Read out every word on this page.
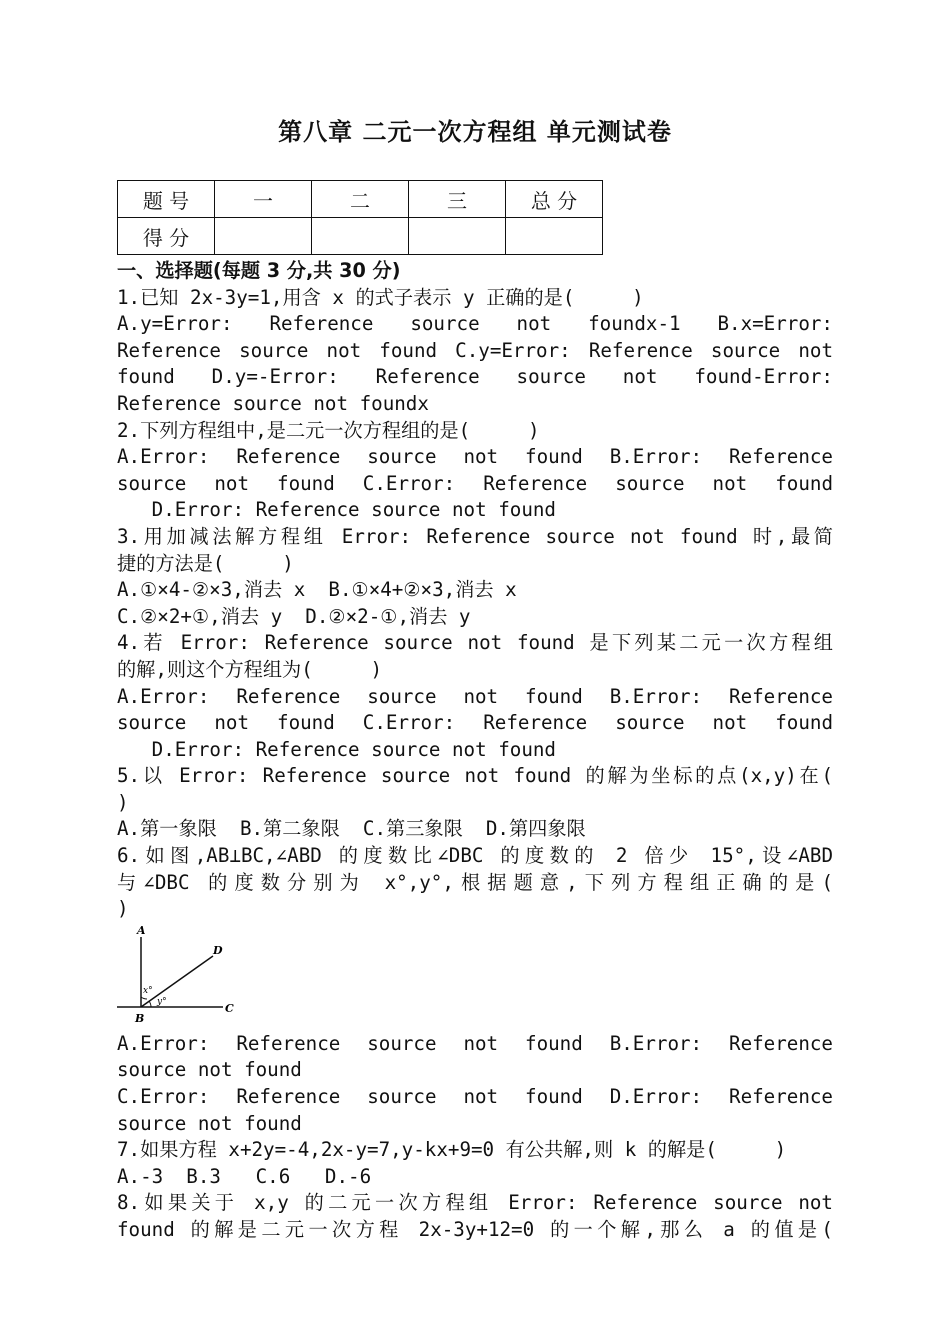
第八章 二元一次方程组 单元测试卷
题 号	一	二	三	总 分
得 分				
一、选择题(每题 3 分,共 30 分)
1.已知 2x-3y=1,用含 x 的式子表示 y 正确的是(     )
A.y=Error: Reference source not foundx-1 B.x=Error:
Reference source not found C.y=Error: Reference source not
found D.y=-Error: Reference source not found-Error:
Reference source not foundx
2.下列方程组中,是二元一次方程组的是(     )
A.Error: Reference source not found B.Error: Reference
source not found C.Error: Reference source not found
D.Error: Reference source not found
3.用加减法解方程组 Error: Reference source not found 时,最简
捷的方法是(     )
A.①×4-②×3,消去 x  B.①×4+②×3,消去 x
C.②×2+①,消去 y  D.②×2-①,消去 y
4.若 Error: Reference source not found 是下列某二元一次方程组
的解,则这个方程组为(     )
A.Error: Reference source not found B.Error: Reference
source not found C.Error: Reference source not found
D.Error: Reference source not found
5.以 Error: Reference source not found 的解为坐标的点(x,y)在(
)
A.第一象限  B.第二象限  C.第三象限  D.第四象限
6.如图,AB⊥BC,∠ABD 的度数比∠DBC 的度数的 2 倍少 15°,设∠ABD
与∠DBC 的度数分别为 x°,y°,根据题意,下列方程组正确的是(
)
A
B
C
D
x°
y°
A.Error: Reference source not found B.Error: Reference
source not found
C.Error: Reference source not found D.Error: Reference
source not found
7.如果方程 x+2y=-4,2x-y=7,y-kx+9=0 有公共解,则 k 的解是(     )
A.-3  B.3   C.6   D.-6
8.如果关于 x,y 的二元一次方程组 Error: Reference source not
found 的解是二元一次方程 2x-3y+12=0 的一个解,那么 a 的值是(
